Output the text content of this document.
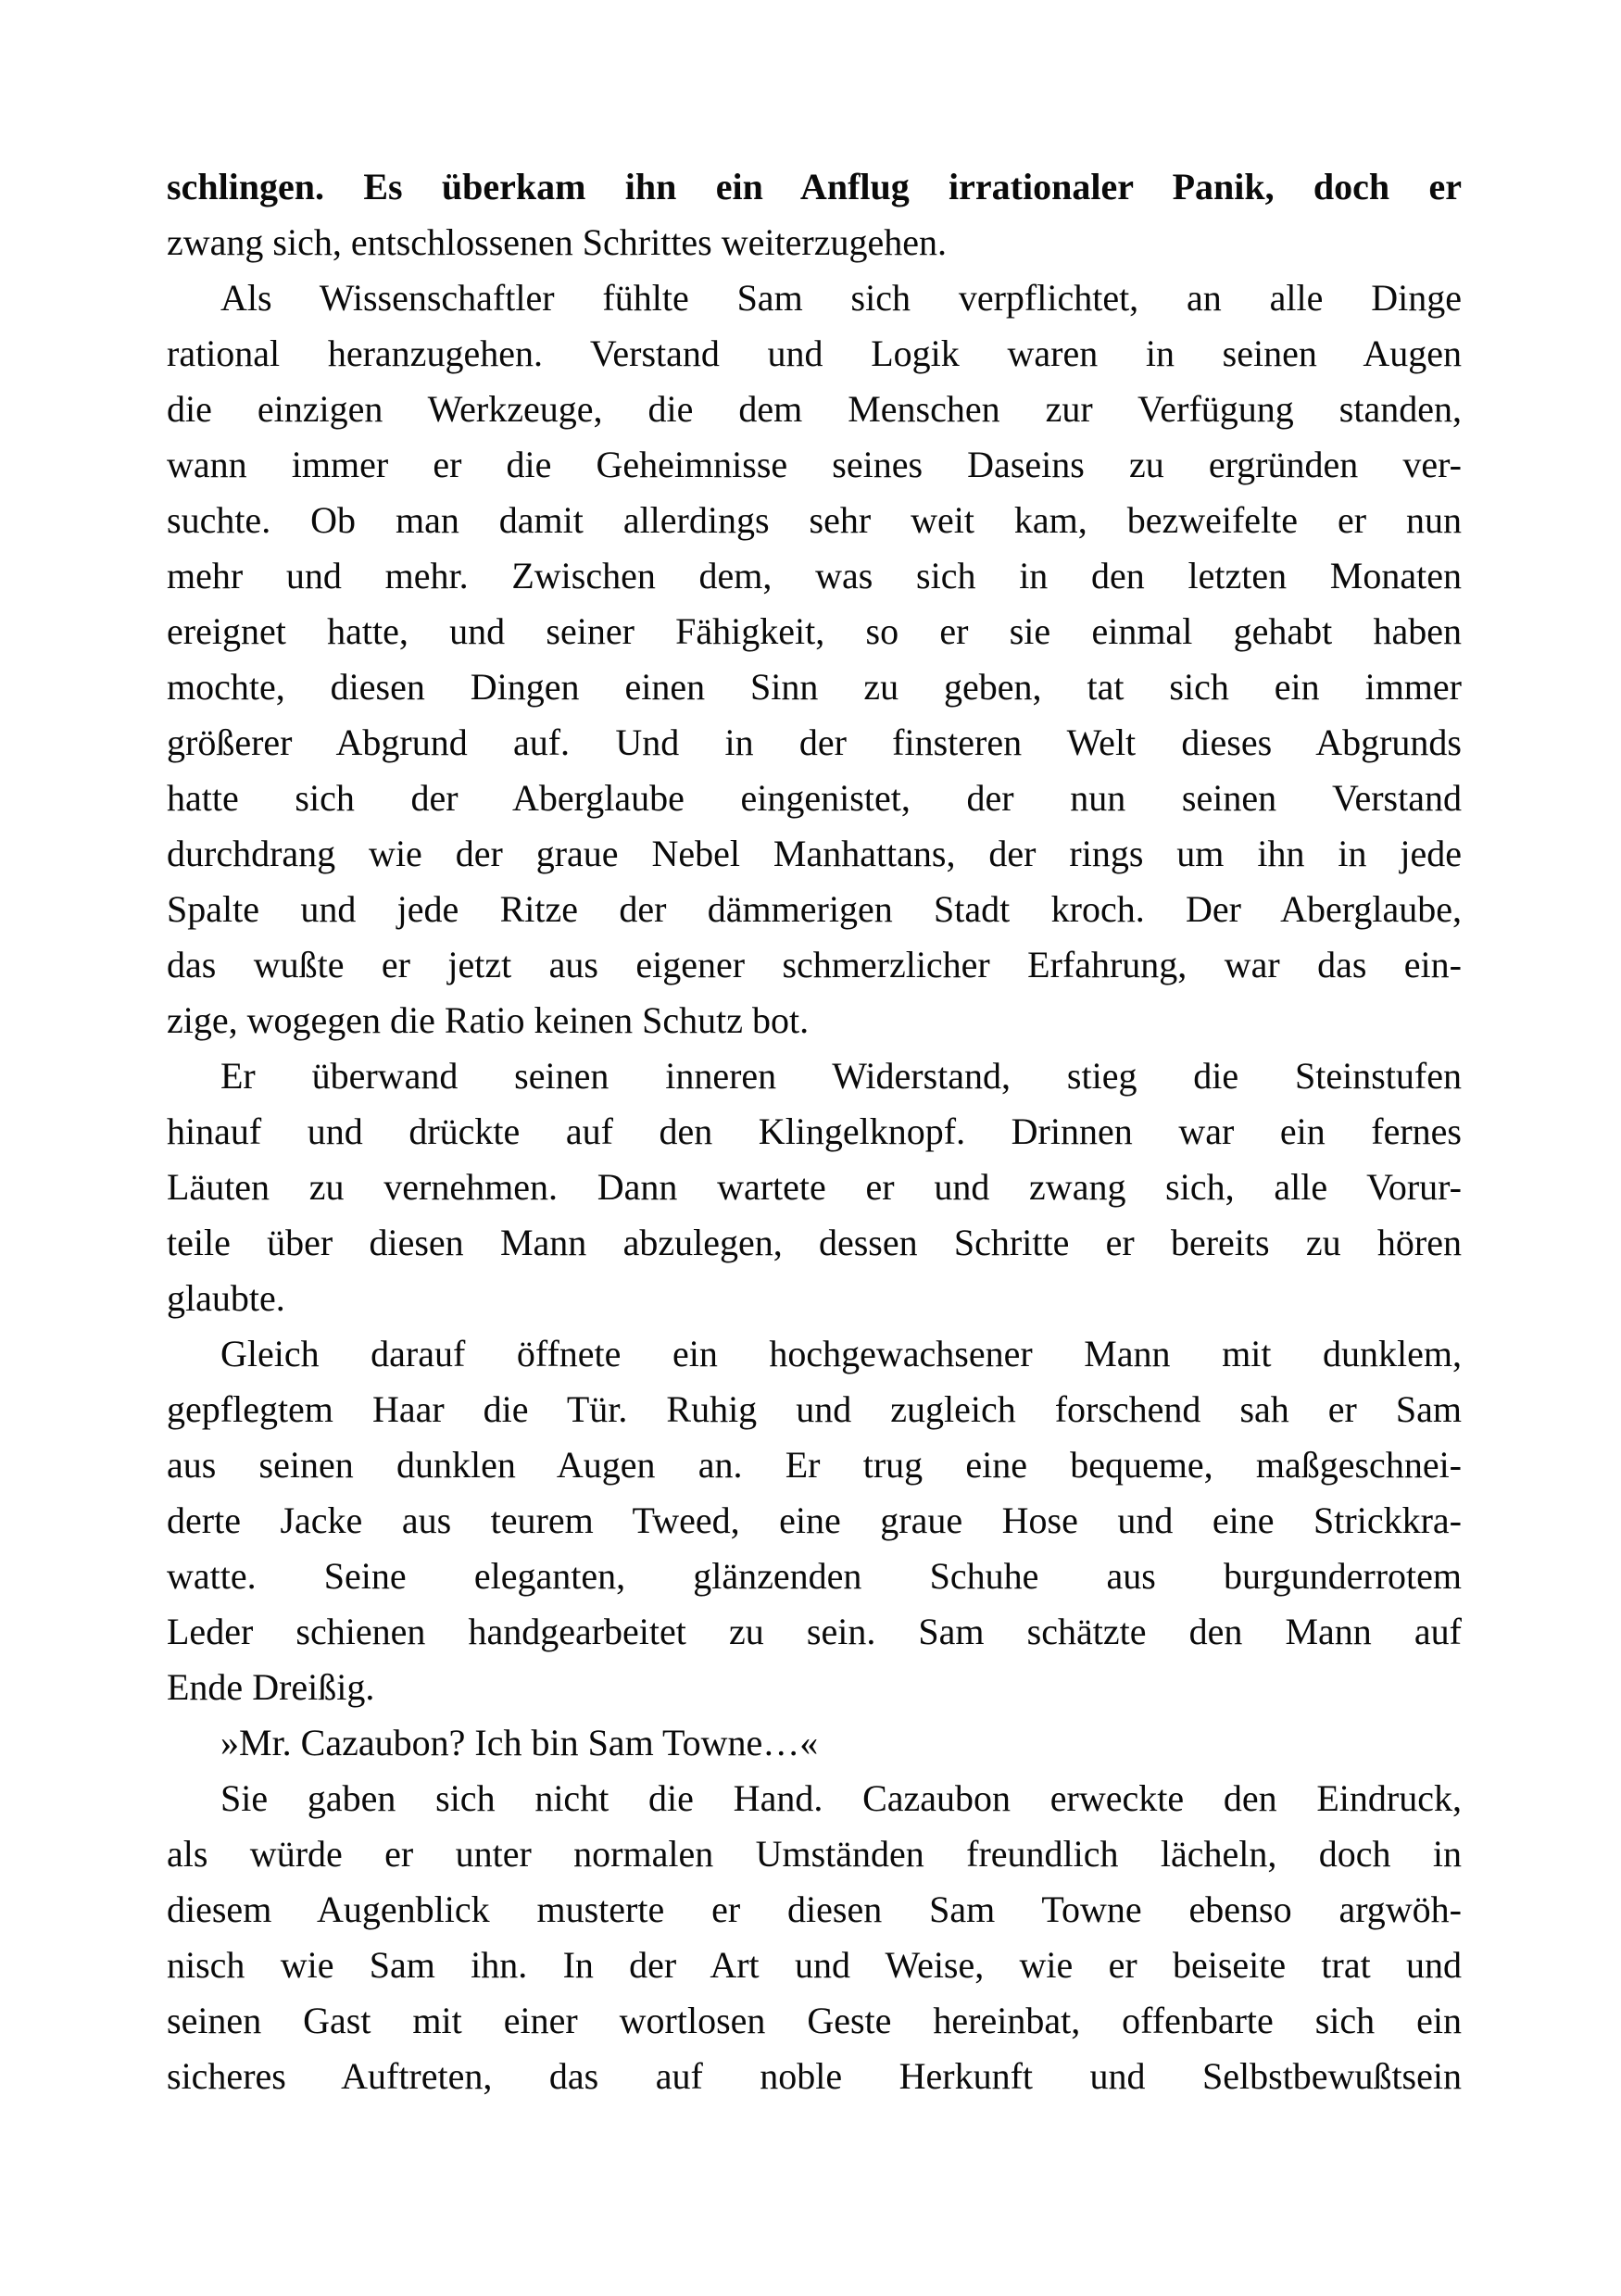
schlingen. Es überkam ihn ein Anflug irrationaler Panik, doch er
zwang sich, entschlossenen Schrittes weiterzugehen.
Als Wissenschaftler fühlte Sam sich verpflichtet, an alle Dinge
rational heranzugehen. Verstand und Logik waren in seinen Augen
die einzigen Werkzeuge, die dem Menschen zur Verfügung standen,
wann immer er die Geheimnisse seines Daseins zu ergründen ver-
suchte. Ob man damit allerdings sehr weit kam, bezweifelte er nun
mehr und mehr. Zwischen dem, was sich in den letzten Monaten
ereignet hatte, und seiner Fähigkeit, so er sie einmal gehabt haben
mochte, diesen Dingen einen Sinn zu geben, tat sich ein immer
größerer Abgrund auf. Und in der finsteren Welt dieses Abgrunds
hatte sich der Aberglaube eingenistet, der nun seinen Verstand
durchdrang wie der graue Nebel Manhattans, der rings um ihn in jede
Spalte und jede Ritze der dämmerigen Stadt kroch. Der Aberglaube,
das wußte er jetzt aus eigener schmerzlicher Erfahrung, war das ein-
zige, wogegen die Ratio keinen Schutz bot.
Er überwand seinen inneren Widerstand, stieg die Steinstufen
hinauf und drückte auf den Klingelknopf. Drinnen war ein fernes
Läuten zu vernehmen. Dann wartete er und zwang sich, alle Vorur-
teile über diesen Mann abzulegen, dessen Schritte er bereits zu hören
glaubte.
Gleich darauf öffnete ein hochgewachsener Mann mit dunklem,
gepflegtem Haar die Tür. Ruhig und zugleich forschend sah er Sam
aus seinen dunklen Augen an. Er trug eine bequeme, maßgeschnei-
derte Jacke aus teurem Tweed, eine graue Hose und eine Strickkra-
watte. Seine eleganten, glänzenden Schuhe aus burgunderrotem
Leder schienen handgearbeitet zu sein. Sam schätzte den Mann auf
Ende Dreißig.
»Mr. Cazaubon? Ich bin Sam Towne…«
Sie gaben sich nicht die Hand. Cazaubon erweckte den Eindruck,
als würde er unter normalen Umständen freundlich lächeln, doch in
diesem Augenblick musterte er diesen Sam Towne ebenso argwöh-
nisch wie Sam ihn. In der Art und Weise, wie er beiseite trat und
seinen Gast mit einer wortlosen Geste hereinbat, offenbarte sich ein
sicheres Auftreten, das auf noble Herkunft und Selbstbewußtsein
